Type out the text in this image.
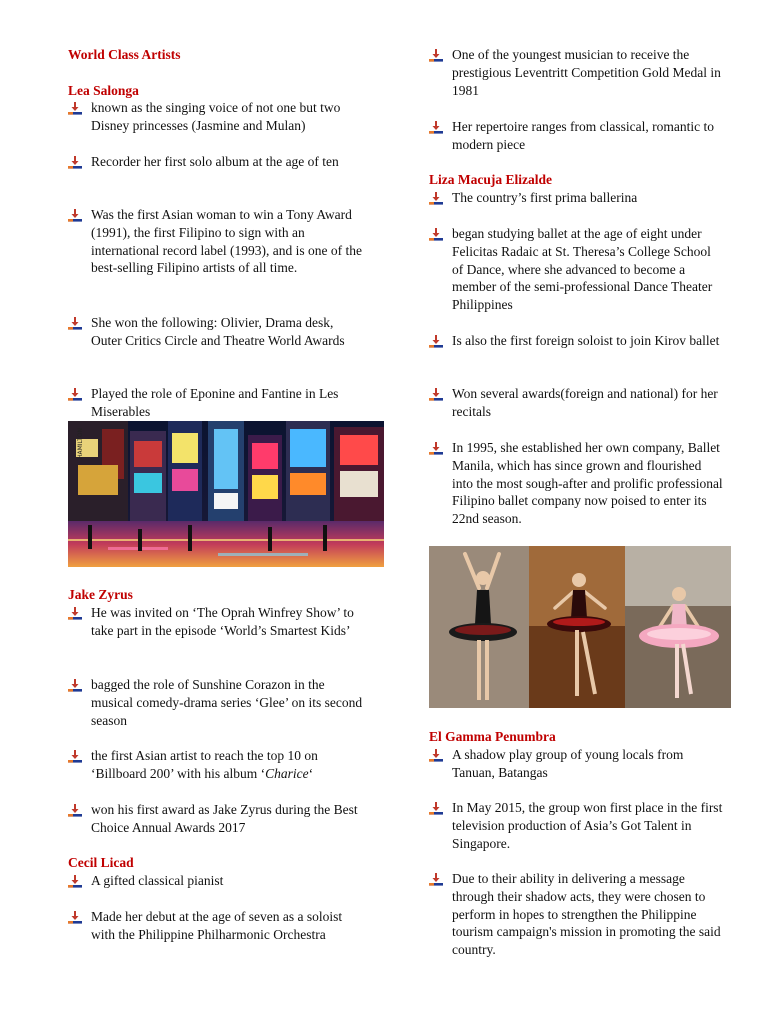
World Class Artists
Lea Salonga
known as the singing voice of not one but two Disney princesses (Jasmine and Mulan)
Recorder her first solo album at the age of ten
Was the first Asian woman to win a Tony Award (1991), the first Filipino to sign with an international record label (1993), and is one of the best-selling Filipino artists of all time.
She won the following: Olivier, Drama desk, Outer Critics Circle and Theatre World Awards
Played the role of Eponine and Fantine in Les Miserables
HAMILTON
Jake Zyrus
He was invited on ‘The Oprah Winfrey Show’ to take part in the episode ‘World’s Smartest Kids’
bagged the role of Sunshine Corazon in the musical comedy-drama series ‘Glee’ on its second season
the first Asian artist to reach the top 10 on ‘Billboard 200’ with his album ‘Charice‘
won his first award as Jake Zyrus during the Best Choice Annual Awards 2017
Cecil Licad
A gifted classical pianist
Made her debut at the age of seven as a soloist with the Philippine Philharmonic Orchestra
One of the youngest musician to receive the prestigious Leventritt Competition Gold Medal in 1981
Her repertoire ranges from classical, romantic to modern piece
Liza Macuja Elizalde
The country’s first prima ballerina
began studying ballet at the age of eight under Felicitas Radaic at St. Theresa’s College School of Dance, where she advanced to become a member of the semi-professional Dance Theater Philippines
Is also the first foreign soloist to join Kirov ballet
Won several awards(foreign and national) for her recitals
In 1995, she established her own company, Ballet Manila, which has since grown and flourished into the most sough-after and prolific professional Filipino ballet company now poised to enter its 22nd season.
El Gamma Penumbra
A shadow play group of young locals from Tanuan, Batangas
In May 2015, the group won first place in the first television production of Asia’s Got Talent in Singapore.
Due to their ability in delivering a message through their shadow acts, they were chosen to perform in hopes to strengthen the Philippine tourism campaign's mission in promoting the said country.
